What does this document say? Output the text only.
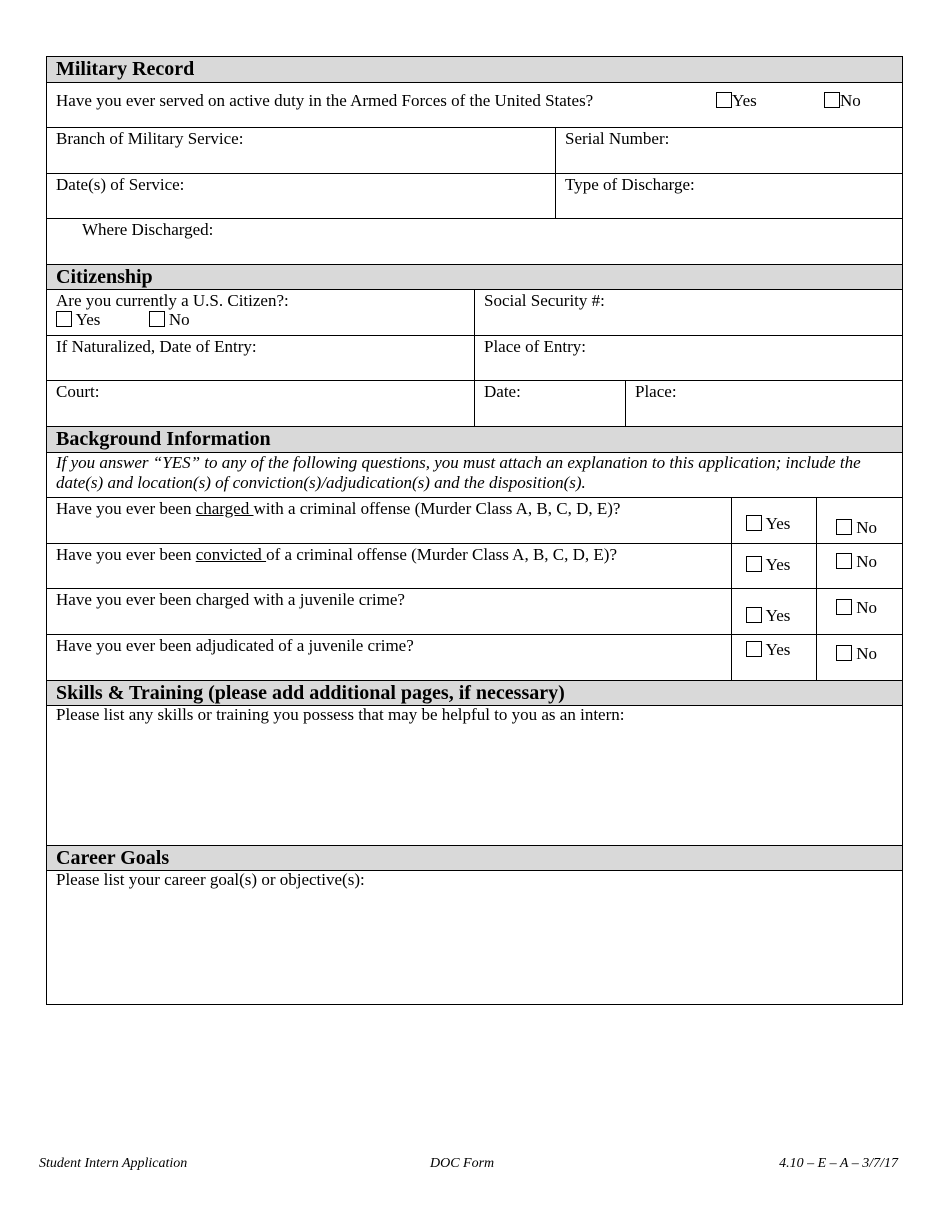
Military Record
Have you ever served on active duty in the Armed Forces of the United States?	Yes	No
Branch of Military Service:	Serial Number:
Date(s) of Service:	Type of Discharge:
Where Discharged:
Citizenship
Are you currently a U.S. Citizen?:
Yes	No
Social Security #:
If Naturalized, Date of Entry:	Place of Entry:
Court:	Date:	Place:
Background Information
If you answer “YES” to any of the following questions, you must attach an explanation to this application; include the date(s) and location(s) of conviction(s)/adjudication(s) and the disposition(s).
Have you ever been charged with a criminal offense (Murder Class A, B, C, D, E)?
Yes	No
Have you ever been convicted of a criminal offense (Murder Class A, B, C, D, E)?
Yes	No
Have you ever been charged with a juvenile crime?
Yes	No
Have you ever been adjudicated of a juvenile crime?	Yes	No
Skills & Training (please add additional pages, if necessary)
Please list any skills or training you possess that may be helpful to you as an intern:
Career Goals
Please list your career goal(s) or objective(s):
Student Intern Application	DOC Form	4.10 – E – A – 3/7/17
